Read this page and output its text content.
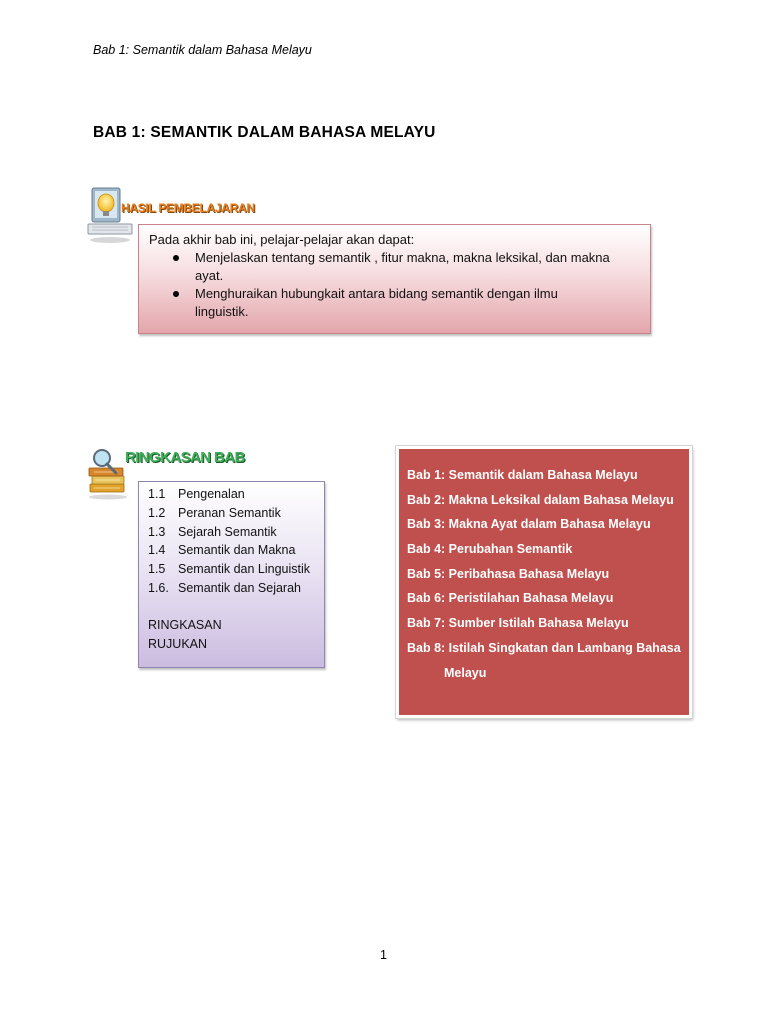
Bab 1: Semantik dalam Bahasa Melayu
BAB 1: SEMANTIK DALAM BAHASA MELAYU
HASIL PEMBELAJARAN

Pada akhir bab ini, pelajar-pelajar akan dapat:

Menjelaskan tentang semantik , fitur makna, makna leksikal, dan makna ayat.
Menghuraikan hubungkait antara bidang semantik dengan ilmu linguistik.
RINGKASAN BAB
1.1 Pengenalan
1.2 Peranan Semantik
1.3 Sejarah Semantik
1.4 Semantik dan Makna
1.5 Semantik dan Linguistik
1.6. Semantik dan Sejarah
RINGKASAN
RUJUKAN
Bab 1: Semantik dalam Bahasa Melayu
Bab 2: Makna Leksikal dalam Bahasa Melayu
Bab 3: Makna Ayat dalam Bahasa Melayu
Bab 4: Perubahan Semantik
Bab 5: Peribahasa Bahasa Melayu
Bab 6: Peristilahan Bahasa Melayu
Bab 7: Sumber Istilah Bahasa Melayu
Bab 8: Istilah Singkatan dan Lambang Bahasa
Melayu
1
